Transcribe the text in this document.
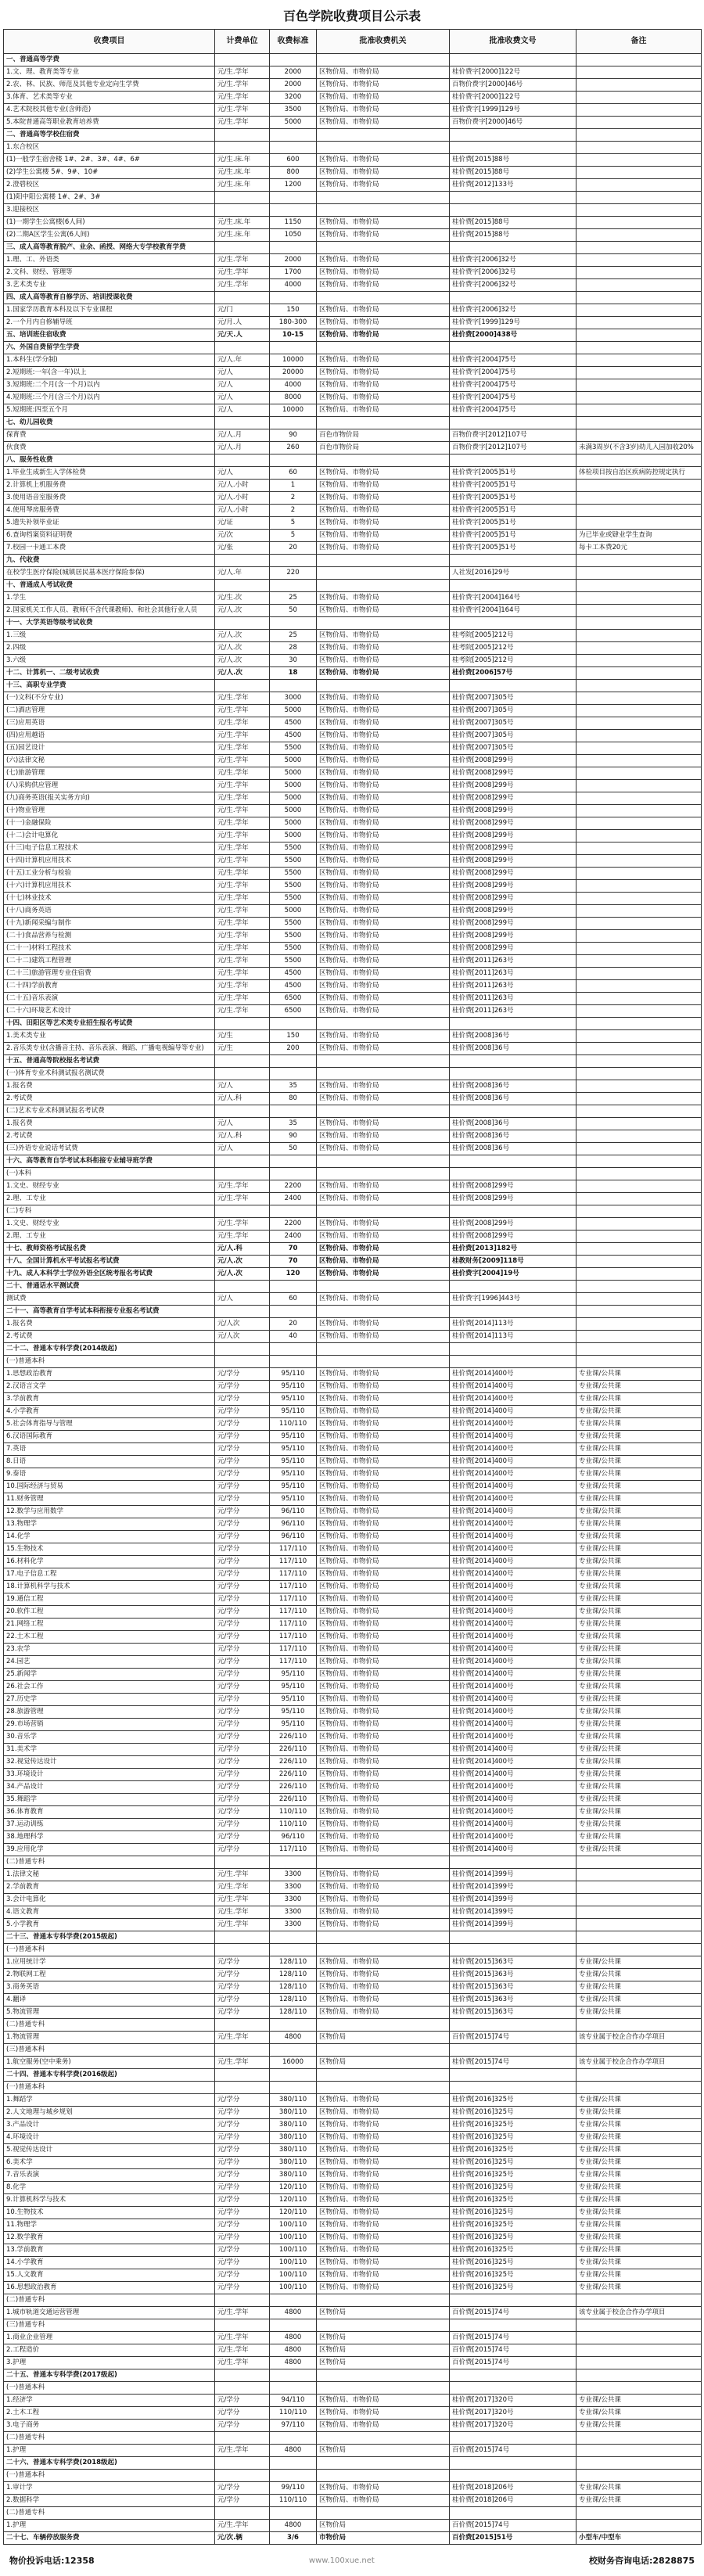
百色学院收费项目公示表
收费项目	计费单位	收费标准	批准收费机关	批准收费文号	备注
一、普通高等学费					
1.文、理、教育类等专业	元/生.学年	2000	区物价局、市物价局	桂价费字[2000]122号	
2.农、林、民族、师范及其他专业定向生学费	元/生.学年	2000	区物价局、市物价局	百物价费字[2000]46号	
3.体育、艺术类等专业	元/生.学年	3200	区物价局、市物价局	桂价费字[2000]122号	
4.艺术院校其他专业(含师范)	元/生.学年	3500	区物价局、市物价局	桂价费字[1999]129号	
5.本院普通高等职业教育培养费	元/生.学年	5000	区物价局、市物价局	百物价费字[2000]46号	
二、普通高等学校住宿费					
1.东合校区					
(1)一般学生宿舍楼 1#、2#、3#、4#、6#	元/生.床.年	600	区物价局、市物价局	桂价费[2015]88号	
(2)学生公寓楼 5#、9#、10#	元/生.床.年	800	区物价局、市物价局	桂价费[2015]88号	
2.澄碧校区	元/生.床.年	1200	区物价局、市物价局	桂价费[2012]133号	
(1)阳中阳公寓楼 1#、2#、3#					
3.迎接校区					
(1)一期学生公寓楼(6人间)	元/生.床.年	1150	区物价局、市物价局	桂价费[2015]88号	
(2)二期A区学生公寓(6人间)	元/生.床.年	1050	区物价局、市物价局	桂价费[2015]88号	
三、成人高等教育脱产、业余、函授、网络大专学校教育学费					
1.理、工、外语类	元/生.学年	2000	区物价局、市物价局	桂价费字[2006]32号	
2.文科、财经、管理等	元/生.学年	1700	区物价局、市物价局	桂价费字[2006]32号	
3.艺术类专业	元/生.学年	4000	区物价局、市物价局	桂价费字[2006]32号	
四、成人高等教育自修学历、培训授课收费					
1.国家学历教育本科及以下专业课程	元/门	150	区物价局、市物价局	桂价费字[2006]32号	
2.一个月内自修辅导班	元/月.人	180-300	区物价局、市物价局	桂价费字[1999]129号	
五、培训班住宿收费	元/天.人	10-15	区物价局、市物价局	桂价费[2000]438号	
六、外国自费留学生学费					
1.本科生(学分制)	元/人.年	10000	区物价局、市物价局	桂价费字[2004]75号	
2.短期班:一年(含一年)以上	元/人	20000	区物价局、市物价局	桂价费字[2004]75号	
3.短期班:二个月(含一个月)以内	元/人	4000	区物价局、市物价局	桂价费字[2004]75号	
4.短期班:三个月(含三个月)以内	元/人	8000	区物价局、市物价局	桂价费字[2004]75号	
5.短期班:四至五个月	元/人	10000	区物价局、市物价局	桂价费字[2004]75号	
七、幼儿园收费					
保育费	元/人.月	90	百色市物价局	百物价费字[2012]107号	
伙食费	元/人.月	260	百色市物价局	百物价费字[2012]107号	未满3周岁(不含3岁)幼儿入园加收20%
八、服务性收费					
1.毕业生成新生入学体检费	元/人	60	区物价局、市物价局	桂价费字[2005]51号	体检项目按自治区疾病防控规定执行
2.计算机上机服务费	元/人.小时	1	区物价局、市物价局	桂价费字[2005]51号	
3.使用语音室服务费	元/人.小时	2	区物价局、市物价局	桂价费字[2005]51号	
4.使用琴房服务费	元/人.小时	2	区物价局、市物价局	桂价费字[2005]51号	
5.遗失补领毕业证	元/证	5	区物价局、市物价局	桂价费字[2005]51号	
6.查询档案资料证明费	元/次	5	区物价局、市物价局	桂价费字[2005]51号	为已毕业或肄业学生查询
7.校园一卡通工本费	元/张	20	区物价局、市物价局	桂价费字[2005]51号	每卡工本费20元
九、代收费					
在校学生医疗保险(城镇居民基本医疗保险参保)	元/人.年	220		人社发[2016]29号	
十、普通成人考试收费					
1.学生	元/生.次	25	区物价局、市物价局	桂价费字[2004]164号	
2.国家机关工作人员、教师(不含代课教师)、和社会其他行业人员	元/人.次	50	区物价局、市物价局	桂价费字[2004]164号	
十一、大学英语等级考试收费					
1.三级	元/人.次	25	区物价局、市物价局	桂考院[2005]212号	
2.四级	元/人.次	28	区物价局、市物价局	桂考院[2005]212号	
3.六级	元/人.次	30	区物价局、市物价局	桂考院[2005]212号	
十二、计算机一、二级考试收费	元/人.次	18	区物价局、市物价局	桂价费[2006]57号	
十三、高职专业学费					
(一)文科(不分专业)	元/生.学年	3000	区物价局、市物价局	桂价费[2007]305号	
(二)酒店管理	元/生.学年	5000	区物价局、市物价局	桂价费[2007]305号	
(三)应用英语	元/生.学年	4500	区物价局、市物价局	桂价费[2007]305号	
(四)应用越语	元/生.学年	4500	区物价局、市物价局	桂价费[2007]305号	
(五)园艺设计	元/生.学年	5500	区物价局、市物价局	桂价费[2007]305号	
(六)法律文秘	元/生.学年	5000	区物价局、市物价局	桂价费[2008]299号	
(七)旅游管理	元/生.学年	5000	区物价局、市物价局	桂价费[2008]299号	
(八)采购供应管理	元/生.学年	5000	区物价局、市物价局	桂价费[2008]299号	
(九)商务英语(报关实务方向)	元/生.学年	5000	区物价局、市物价局	桂价费[2008]299号	
(十)物业管理	元/生.学年	5000	区物价局、市物价局	桂价费[2008]299号	
(十一)金融保险	元/生.学年	5000	区物价局、市物价局	桂价费[2008]299号	
(十二)会计电算化	元/生.学年	5000	区物价局、市物价局	桂价费[2008]299号	
(十三)电子信息工程技术	元/生.学年	5500	区物价局、市物价局	桂价费[2008]299号	
(十四)计算机应用技术	元/生.学年	5500	区物价局、市物价局	桂价费[2008]299号	
(十五)工业分析与检验	元/生.学年	5500	区物价局、市物价局	桂价费[2008]299号	
(十六)计算机应用技术	元/生.学年	5500	区物价局、市物价局	桂价费[2008]299号	
(十七)林业技术	元/生.学年	5500	区物价局、市物价局	桂价费[2008]299号	
(十八)商务英语	元/生.学年	5000	区物价局、市物价局	桂价费[2008]299号	
(十九)新闻采编与制作	元/生.学年	5500	区物价局、市物价局	桂价费[2008]299号	
(二十)食品营养与检测	元/生.学年	5500	区物价局、市物价局	桂价费[2008]299号	
(二十一)材料工程技术	元/生.学年	5500	区物价局、市物价局	桂价费[2008]299号	
(二十二)建筑工程管理	元/生.学年	5500	区物价局、市物价局	桂价费[2011]263号	
(二十三)旅游管理专业住宿费	元/生.学年	4500	区物价局、市物价局	桂价费[2011]263号	
(二十四)学前教育	元/生.学年	4500	区物价局、市物价局	桂价费[2011]263号	
(二十五)音乐表演	元/生.学年	6500	区物价局、市物价局	桂价费[2011]263号	
(二十六)环境艺术设计	元/生.学年	6500	区物价局、市物价局	桂价费[2011]263号	
十四、田阳区等艺术类专业招生报名考试费					
1.美术类专业	元/生	150	区物价局、市物价局	桂价费[2008]36号	
2.音乐类专业(含播音主持、音乐表演、舞蹈、广播电视编导等专业)	元/生	200	区物价局、市物价局	桂价费[2008]36号	
十五、普通高等院校报名考试费					
(一)体育专业术科测试报名测试费					
1.报名费	元/人	35	区物价局、市物价局	桂价费[2008]36号	
2.考试费	元/人.科	80	区物价局、市物价局	桂价费[2008]36号	
(二)艺术专业术科测试报名考试费					
1.报名费	元/人	35	区物价局、市物价局	桂价费[2008]36号	
2.考试费	元/人.科	90	区物价局、市物价局	桂价费[2008]36号	
(三)外语专业说话考试费	元/人	50	区物价局、市物价局	桂价费[2008]36号	
十六、高等教育自学考试本科衔接专业辅导班学费					
(一)本科					
1.文史、财经专业	元/生.学年	2200	区物价局、市物价局	桂价费[2008]299号	
2.理、工专业	元/生.学年	2400	区物价局、市物价局	桂价费[2008]299号	
(二)专科					
1.文史、财经专业	元/生.学年	2200	区物价局、市物价局	桂价费[2008]299号	
2.理、工专业	元/生.学年	2400	区物价局、市物价局	桂价费[2008]299号	
十七、教师资格考试报名费	元/人.科	70	区物价局、市物价局	桂价费[2013]182号	
十八、全国计算机水平考试报名考试费	元/人.次	70	区物价局、市物价局	桂教财务[2009]118号	
十九、成人本科学士学位外语全区统考报名考试费	元/人.次	120	区物价局、市物价局	桂价费字[2004]19号	
二十、普通话水平测试费					
测试费	元/人	60	区物价局、市物价局	桂价费字[1996]443号	
二十一、高等教育自学考试本科衔接专业报名考试费					
1.报名费	元/人次	20	区物价局、市物价局	桂价费[2014]113号	
2.考试费	元/人次	40	区物价局、市物价局	桂价费[2014]113号	
二十二、普通本专科学费(2014级起)					
(一)普通本科					
1.思想政治教育	元/学分	95/110	区物价局、市物价局	桂价费[2014]400号	专业课/公共课
2.汉语言文学	元/学分	95/110	区物价局、市物价局	桂价费[2014]400号	专业课/公共课
3.学前教育	元/学分	95/110	区物价局、市物价局	桂价费[2014]400号	专业课/公共课
4.小学教育	元/学分	95/110	区物价局、市物价局	桂价费[2014]400号	专业课/公共课
5.社会体育指导与管理	元/学分	110/110	区物价局、市物价局	桂价费[2014]400号	专业课/公共课
6.汉语国际教育	元/学分	95/110	区物价局、市物价局	桂价费[2014]400号	专业课/公共课
7.英语	元/学分	95/110	区物价局、市物价局	桂价费[2014]400号	专业课/公共课
8.日语	元/学分	95/110	区物价局、市物价局	桂价费[2014]400号	专业课/公共课
9.泰语	元/学分	95/110	区物价局、市物价局	桂价费[2014]400号	专业课/公共课
10.国际经济与贸易	元/学分	95/110	区物价局、市物价局	桂价费[2014]400号	专业课/公共课
11.财务管理	元/学分	95/110	区物价局、市物价局	桂价费[2014]400号	专业课/公共课
12.数学与应用数学	元/学分	96/110	区物价局、市物价局	桂价费[2014]400号	专业课/公共课
13.物理学	元/学分	96/110	区物价局、市物价局	桂价费[2014]400号	专业课/公共课
14.化学	元/学分	96/110	区物价局、市物价局	桂价费[2014]400号	专业课/公共课
15.生物技术	元/学分	117/110	区物价局、市物价局	桂价费[2014]400号	专业课/公共课
16.材料化学	元/学分	117/110	区物价局、市物价局	桂价费[2014]400号	专业课/公共课
17.电子信息工程	元/学分	117/110	区物价局、市物价局	桂价费[2014]400号	专业课/公共课
18.计算机科学与技术	元/学分	117/110	区物价局、市物价局	桂价费[2014]400号	专业课/公共课
19.通信工程	元/学分	117/110	区物价局、市物价局	桂价费[2014]400号	专业课/公共课
20.软件工程	元/学分	117/110	区物价局、市物价局	桂价费[2014]400号	专业课/公共课
21.网络工程	元/学分	117/110	区物价局、市物价局	桂价费[2014]400号	专业课/公共课
22.土木工程	元/学分	117/110	区物价局、市物价局	桂价费[2014]400号	专业课/公共课
23.农学	元/学分	117/110	区物价局、市物价局	桂价费[2014]400号	专业课/公共课
24.园艺	元/学分	117/110	区物价局、市物价局	桂价费[2014]400号	专业课/公共课
25.新闻学	元/学分	95/110	区物价局、市物价局	桂价费[2014]400号	专业课/公共课
26.社会工作	元/学分	95/110	区物价局、市物价局	桂价费[2014]400号	专业课/公共课
27.历史学	元/学分	95/110	区物价局、市物价局	桂价费[2014]400号	专业课/公共课
28.旅游管理	元/学分	95/110	区物价局、市物价局	桂价费[2014]400号	专业课/公共课
29.市场营销	元/学分	95/110	区物价局、市物价局	桂价费[2014]400号	专业课/公共课
30.音乐学	元/学分	226/110	区物价局、市物价局	桂价费[2014]400号	专业课/公共课
31.美术学	元/学分	226/110	区物价局、市物价局	桂价费[2014]400号	专业课/公共课
32.视觉传达设计	元/学分	226/110	区物价局、市物价局	桂价费[2014]400号	专业课/公共课
33.环境设计	元/学分	226/110	区物价局、市物价局	桂价费[2014]400号	专业课/公共课
34.产品设计	元/学分	226/110	区物价局、市物价局	桂价费[2014]400号	专业课/公共课
35.舞蹈学	元/学分	226/110	区物价局、市物价局	桂价费[2014]400号	专业课/公共课
36.体育教育	元/学分	110/110	区物价局、市物价局	桂价费[2014]400号	专业课/公共课
37.运动训练	元/学分	110/110	区物价局、市物价局	桂价费[2014]400号	专业课/公共课
38.地理科学	元/学分	96/110	区物价局、市物价局	桂价费[2014]400号	专业课/公共课
39.应用化学	元/学分	117/110	区物价局、市物价局	桂价费[2014]400号	专业课/公共课
(二)普通专科					
1.法律文秘	元/生.学年	3300	区物价局、市物价局	桂价费[2014]399号	
2.学前教育	元/生.学年	3300	区物价局、市物价局	桂价费[2014]399号	
3.会计电算化	元/生.学年	3300	区物价局、市物价局	桂价费[2014]399号	
4.语文教育	元/生.学年	3300	区物价局、市物价局	桂价费[2014]399号	
5.小学教育	元/生.学年	3300	区物价局、市物价局	桂价费[2014]399号	
二十三、普通本专科学费(2015级起)					
(一)普通本科					
1.应用统计学	元/学分	128/110	区物价局、市物价局	桂价费[2015]363号	专业课/公共课
2.物联网工程	元/学分	128/110	区物价局、市物价局	桂价费[2015]363号	专业课/公共课
3.商务英语	元/学分	128/110	区物价局、市物价局	桂价费[2015]363号	专业课/公共课
4.翻译	元/学分	128/110	区物价局、市物价局	桂价费[2015]363号	专业课/公共课
5.物流管理	元/学分	128/110	区物价局、市物价局	桂价费[2015]363号	专业课/公共课
(二)普通专科					
1.物流管理	元/生.学年	4800	区物价局	百价费[2015]74号	该专业属于校企合作办学项目
(三)普通本科					
1.航空服务(空中乘务)	元/生.学年	16000	区物价局	桂价费[2015]74号	该专业属于校企合作办学项目
二十四、普通本专科学费(2016级起)					
(一)普通本科					
1.舞蹈学	元/学分	380/110	区物价局、市物价局	桂价费[2016]325号	专业课/公共课
2.人文地理与城乡规划	元/学分	380/110	区物价局、市物价局	桂价费[2016]325号	专业课/公共课
3.产品设计	元/学分	380/110	区物价局、市物价局	桂价费[2016]325号	专业课/公共课
4.环境设计	元/学分	380/110	区物价局、市物价局	桂价费[2016]325号	专业课/公共课
5.视觉传达设计	元/学分	380/110	区物价局、市物价局	桂价费[2016]325号	专业课/公共课
6.美术学	元/学分	380/110	区物价局、市物价局	桂价费[2016]325号	专业课/公共课
7.音乐表演	元/学分	380/110	区物价局、市物价局	桂价费[2016]325号	专业课/公共课
8.化学	元/学分	120/110	区物价局、市物价局	桂价费[2016]325号	专业课/公共课
9.计算机科学与技术	元/学分	120/110	区物价局、市物价局	桂价费[2016]325号	专业课/公共课
10.生物技术	元/学分	120/110	区物价局、市物价局	桂价费[2016]325号	专业课/公共课
11.物理学	元/学分	100/110	区物价局、市物价局	桂价费[2016]325号	专业课/公共课
12.数学教育	元/学分	100/110	区物价局、市物价局	桂价费[2016]325号	专业课/公共课
13.学前教育	元/学分	100/110	区物价局、市物价局	桂价费[2016]325号	专业课/公共课
14.小学教育	元/学分	100/110	区物价局、市物价局	桂价费[2016]325号	专业课/公共课
15.人文教育	元/学分	100/110	区物价局、市物价局	桂价费[2016]325号	专业课/公共课
16.思想政治教育	元/学分	100/110	区物价局、市物价局	桂价费[2016]325号	专业课/公共课
(二)普通专科					
1.城市轨道交通运营管理	元/生.学年	4800	区物价局	百价费[2015]74号	该专业属于校企合作办学项目
(三)普通专科					
1.商业企业管理	元/生.学年	4800	区物价局	百价费[2015]74号	
2.工程造价	元/生.学年	4800	区物价局	百价费[2015]74号	
3.护理	元/生.学年	4800	区物价局	百价费[2015]74号	
二十五、普通本专科学费(2017级起)					
(一)普通本科					
1.经济学	元/学分	94/110	区物价局、市物价局	桂价费[2017]320号	专业课/公共课
2.土木工程	元/学分	110/110	区物价局、市物价局	桂价费[2017]320号	专业课/公共课
3.电子商务	元/学分	97/110	区物价局、市物价局	桂价费[2017]320号	专业课/公共课
(二)普通专科					
1.护理	元/生.学年	4800	区物价局	百价费[2015]74号	
二十六、普通本专科学费(2018级起)					
(一)普通本科					
1.审计学	元/学分	99/110	区物价局、市物价局	桂价费[2018]206号	专业课/公共课
2.数据科学	元/学分	110/110	区物价局、市物价局	桂价费[2018]206号	专业课/公共课
(二)普通专科					
1.护理	元/生.学年	4800	区物价局	百价费[2015]74号	
二十七、车辆停放服务费	元/次.辆	3/6	市物价局	百价费[2015]51号	小型车/中型车
物价投诉电话:12358	www.100xue.net	校财务咨询电话:2828875
